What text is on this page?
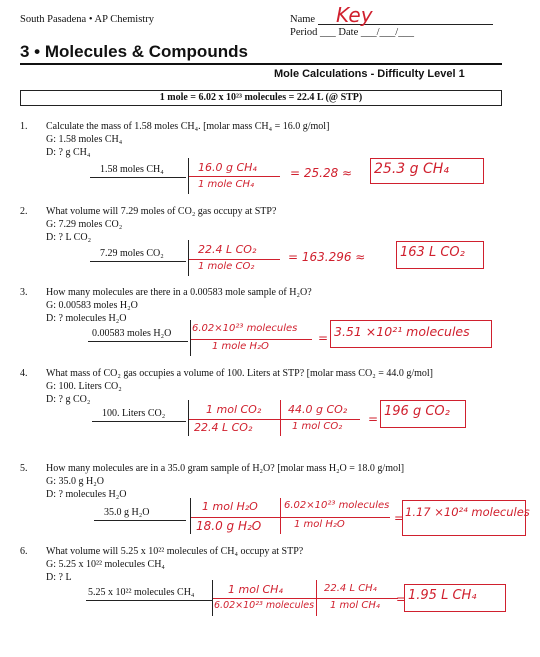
South Pasadena • AP Chemistry	Name Key
Period ___ Date ___/___/___
3 • Molecules & Compounds
Mole Calculations - Difficulty Level 1
1 mole = 6.02 x 10²³ molecules = 22.4 L (@ STP)
1. Calculate the mass of 1.58 moles CH₄. [molar mass CH₄ = 16.0 g/mol]
G: 1.58 moles CH₄
D: ? g CH₄
1.58 moles CH₄	16.0 g CH₄
1 mole CH₄
= 25.28 ≈ 25.3 g CH₄
2. What volume will 7.29 moles of CO₂ gas occupy at STP?
G: 7.29 moles CO₂
D: ? L CO₂
7.29 moles CO₂	22.4 L CO₂
1 mole CO₂
= 163.296 ≈	163 L CO₂
3. How many molecules are there in a 0.00583 mole sample of H₂O?
G: 0.00583 moles H₂O
D: ? molecules H₂O
0.00583 moles H₂O 6.02×10²³ molecules
1 mole H₂O
= 3.51 ×10²¹ molecules
4. What mass of CO₂ gas occupies a volume of 100. Liters at STP? [molar mass CO₂ = 44.0 g/mol]
G: 100. Liters CO₂
D: ? g CO₂
100. Liters CO₂	1 mol CO₂
22.4 L CO₂
44.0 g CO₂
1 mol CO₂
= 196 g CO₂
5. How many molecules are in a 35.0 gram sample of H₂O? [molar mass H₂O = 18.0 g/mol]
G: 35.0 g H₂O
D: ? molecules H₂O
35.0 g H₂O	1 mol H₂O
18.0 g H₂O
6.02×10²³ molecules
1 mol H₂O	= 1.17 ×10²⁴ molecules
6. What volume will 5.25 x 10²² molecules of CH₄ occupy at STP?
G: 5.25 x 10²² molecules CH₄
D: ? L
5.25 x 10²² molecules CH₄	1 mol CH₄
6.02×10²³ molecules
22.4 L CH₄
1 mol CH₄ = 1.95 L CH₄
